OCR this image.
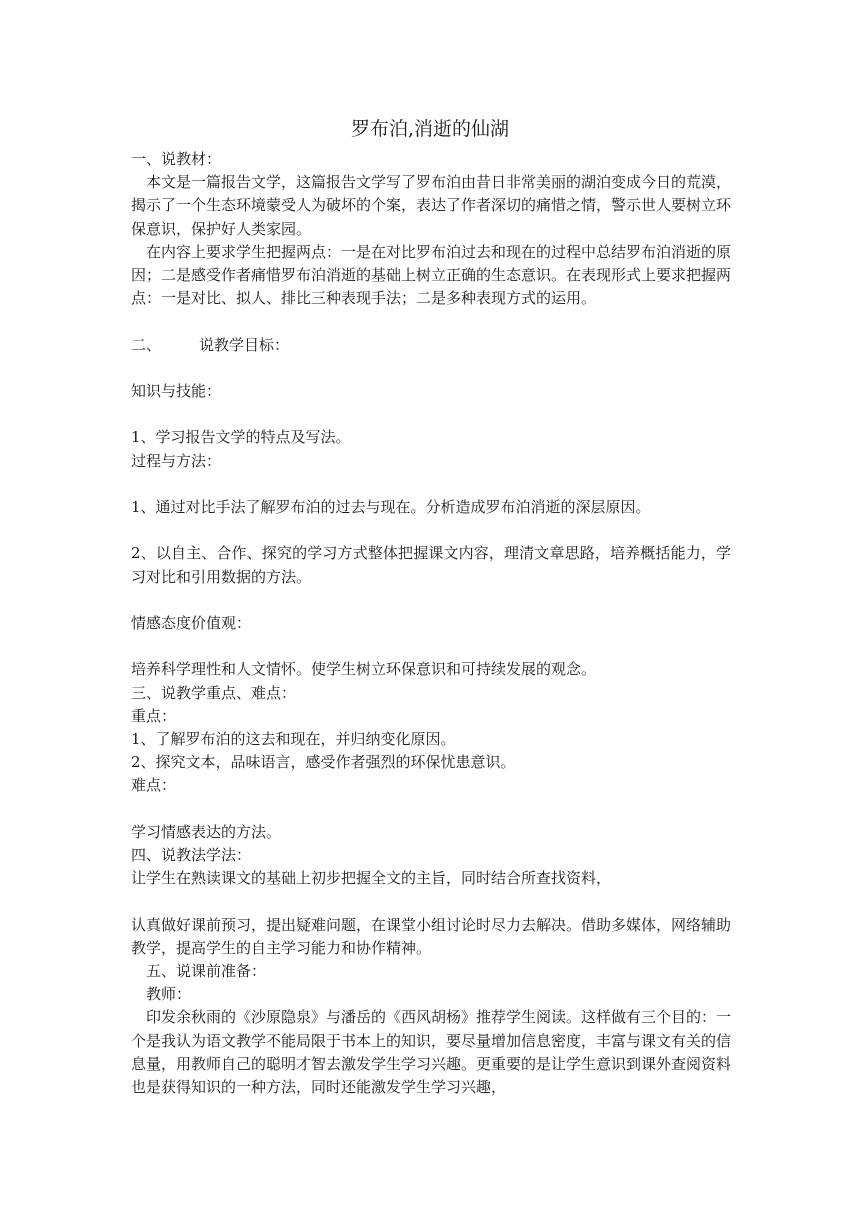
罗布泊,消逝的仙湖

一、说教材：

本文是一篇报告文学，这篇报告文学写了罗布泊由昔日非常美丽的湖泊变成今日的荒漠，揭示了一个生态环境蒙受人为破坏的个案，表达了作者深切的痛惜之情，警示世人要树立环保意识，保护好人类家园。

在内容上要求学生把握两点：一是在对比罗布泊过去和现在的过程中总结罗布泊消逝的原因；二是感受作者痛惜罗布泊消逝的基础上树立正确的生态意识。在表现形式上要求把握两点：一是对比、拟人、排比三种表现手法；二是多种表现方式的运用。

二、	说教学目标：

知识与技能：

1、学习报告文学的特点及写法。

过程与方法：

1、通过对比手法了解罗布泊的过去与现在。分析造成罗布泊消逝的深层原因。

2、以自主、合作、探究的学习方式整体把握课文内容，理清文章思路，培养概括能力，学习对比和引用数据的方法。

情感态度价值观：

培养科学理性和人文情怀。使学生树立环保意识和可持续发展的观念。

三、说教学重点、难点：

重点：

1、了解罗布泊的这去和现在，并归纳变化原因。

2、探究文本，品味语言，感受作者强烈的环保忧患意识。

难点：

学习情感表达的方法。

四、说教法学法：

让学生在熟读课文的基础上初步把握全文的主旨，同时结合所查找资料，

认真做好课前预习，提出疑难问题，在课堂小组讨论时尽力去解决。借助多媒体，网络辅助教学，提高学生的自主学习能力和协作精神。

五、说课前准备：

教师：

印发余秋雨的《沙原隐泉》与潘岳的《西风胡杨》推荐学生阅读。这样做有三个目的：一个是我认为语文教学不能局限于书本上的知识，要尽量增加信息密度，丰富与课文有关的信息量，用教师自己的聪明才智去激发学生学习兴趣。更重要的是让学生意识到课外查阅资料也是获得知识的一种方法，同时还能激发学生学习兴趣，
